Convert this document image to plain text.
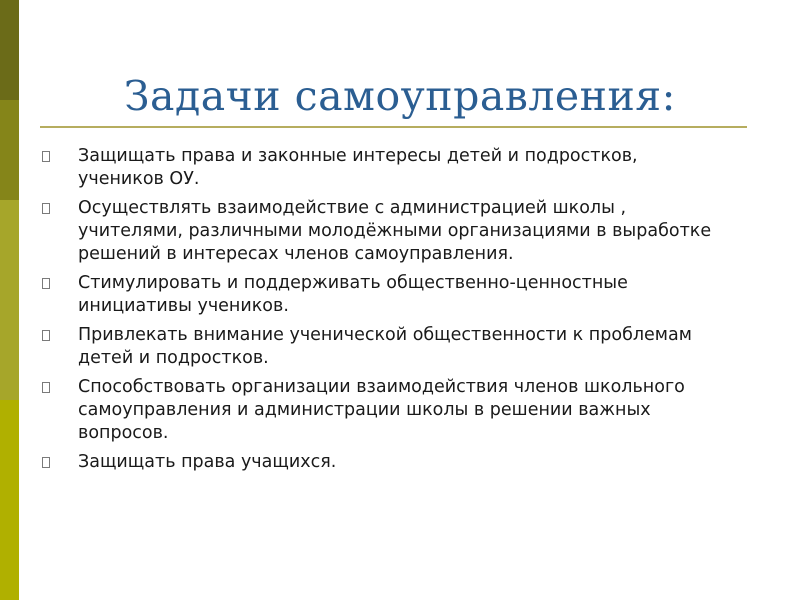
Задачи самоуправления:
Защищать права и законные интересы детей и подростков, учеников ОУ.
Осуществлять взаимодействие с администрацией школы , учителями, различными молодёжными организациями в выработке решений в интересах членов самоуправления.
Стимулировать и поддерживать общественно-ценностные инициативы учеников.
Привлекать внимание ученической общественности к проблемам детей и подростков.
Способствовать организации взаимодействия членов школьного самоуправления и администрации школы в решении важных вопросов.
Защищать права учащихся.
